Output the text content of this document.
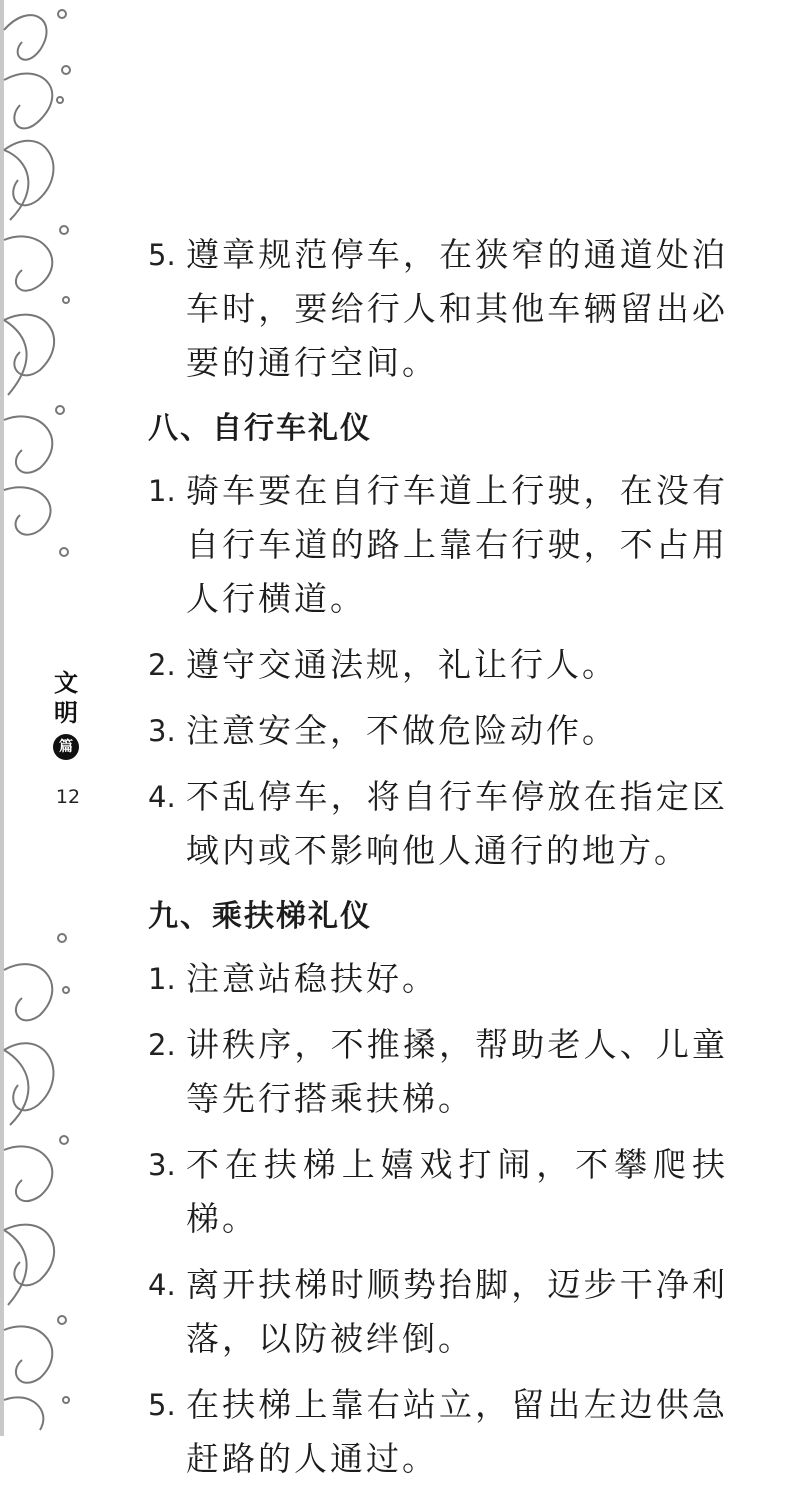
文
明
篇
12
5. 遵章规范停车，在狭窄的通道处泊车时，要给行人和其他车辆留出必要的通行空间。
八、自行车礼仪
1. 骑车要在自行车道上行驶，在没有自行车道的路上靠右行驶，不占用人行横道。
2. 遵守交通法规，礼让行人。
3. 注意安全，不做危险动作。
4. 不乱停车，将自行车停放在指定区域内或不影响他人通行的地方。
九、乘扶梯礼仪
1. 注意站稳扶好。
2. 讲秩序，不推搡，帮助老人、儿童等先行搭乘扶梯。
3. 不在扶梯上嬉戏打闹，不攀爬扶梯。
4. 离开扶梯时顺势抬脚，迈步干净利落，以防被绊倒。
5. 在扶梯上靠右站立，留出左边供急赶路的人通过。
